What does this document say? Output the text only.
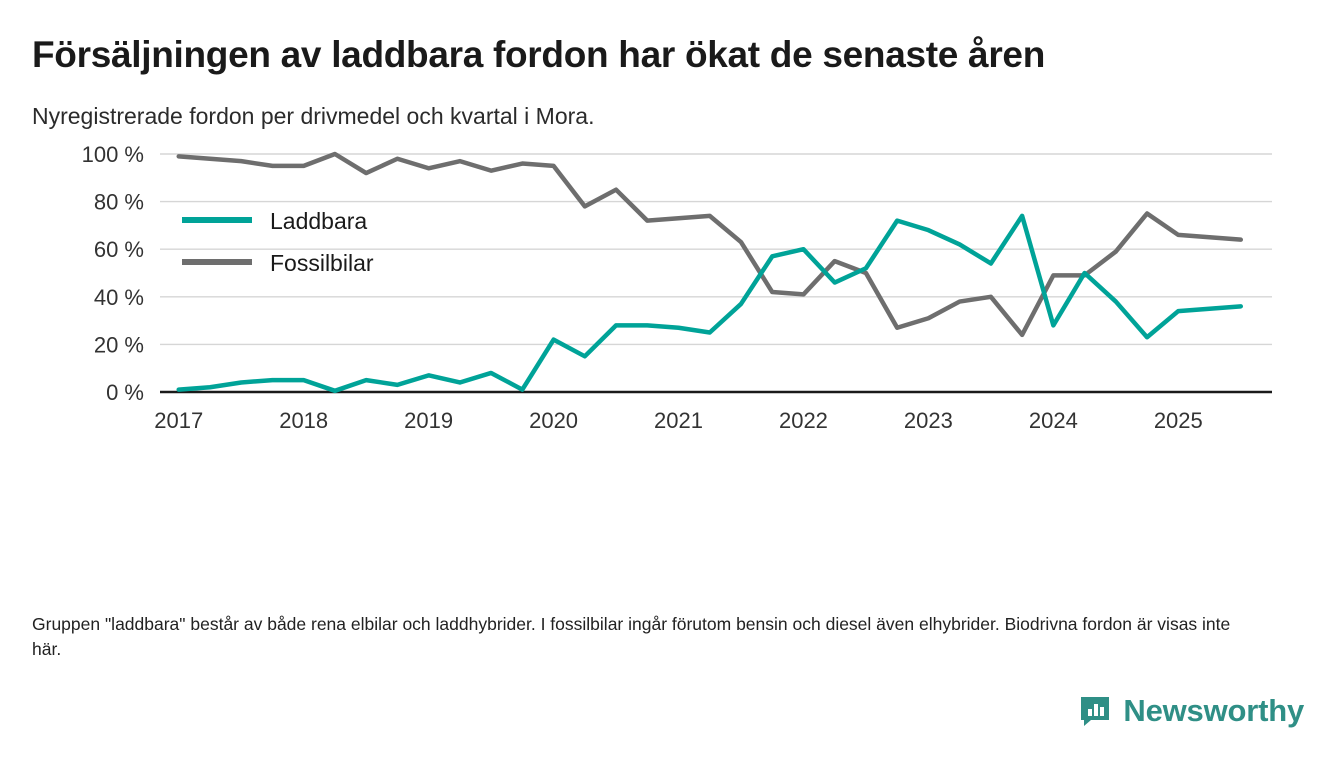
Försäljningen av laddbara fordon har ökat de senaste åren

Nyregistrerade fordon per drivmedel och kvartal i Mora.

0 %
20 %
40 %
60 %
80 %
100 %
2017	2018	2019	2020	2021	2022	2023	2024	2025
Laddbara
Fossilbilar

Gruppen "laddbara" består av både rena elbilar och laddhybrider. I fossilbilar ingår förutom bensin och diesel även elhybrider. Biodrivna fordon är visas inte här.

Newsworthy
